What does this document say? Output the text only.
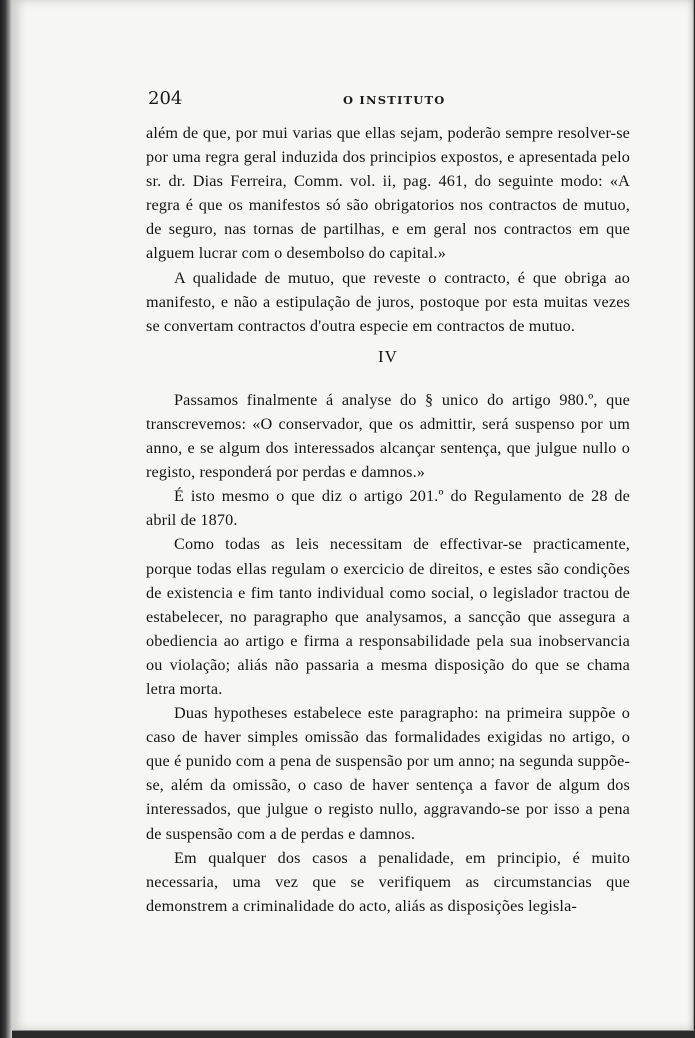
204	O INSTITUTO

além de que, por mui varias que ellas sejam, poderão sempre resolver-se por uma regra geral induzida dos principios expostos, e apresentada pelo sr. dr. Dias Ferreira, Comm. vol. ii, pag. 461, do seguinte modo: «A regra é que os manifestos só são obrigatorios nos contractos de mutuo, de seguro, nas tornas de partilhas, e em geral nos contractos em que alguem lucrar com o desembolso do capital.»

A qualidade de mutuo, que reveste o contracto, é que obriga ao manifesto, e não a estipulação de juros, postoque por esta muitas vezes se convertam contractos d'outra especie em contractos de mutuo.

IV

Passamos finalmente á analyse do § unico do artigo 980.º, que transcrevemos: «O conservador, que os admittir, será suspenso por um anno, e se algum dos interessados alcançar sentença, que julgue nullo o registo, responderá por perdas e damnos.»

É isto mesmo o que diz o artigo 201.º do Regulamento de 28 de abril de 1870.

Como todas as leis necessitam de effectivar-se practicamente, porque todas ellas regulam o exercicio de direitos, e estes são condições de existencia e fim tanto individual como social, o legislador tractou de estabelecer, no paragrapho que analysamos, a sancção que assegura a obediencia ao artigo e firma a responsabilidade pela sua inobservancia ou violação; aliás não passaria a mesma disposição do que se chama letra morta.

Duas hypotheses estabelece este paragrapho: na primeira suppõe o caso de haver simples omissão das formalidades exigidas no artigo, o que é punido com a pena de suspensão por um anno; na segunda suppõe-se, além da omissão, o caso de haver sentença a favor de algum dos interessados, que julgue o registo nullo, aggravando-se por isso a pena de suspensão com a de perdas e damnos.

Em qualquer dos casos a penalidade, em principio, é muito necessaria, uma vez que se verifiquem as circumstancias que demonstrem a criminalidade do acto, aliás as disposições legisla-
